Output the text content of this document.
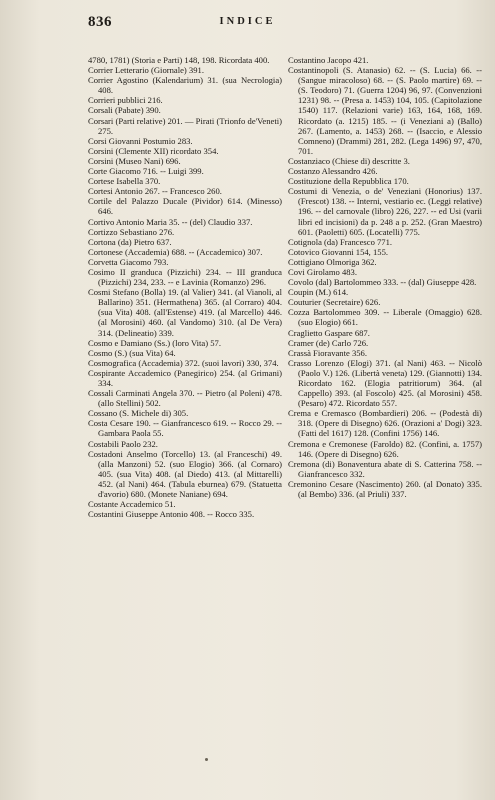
836	INDICE

4780, 1781) (Storia e Parti) 148, 198. Ricordata 400.

Corrier Letterario (Giornale) 391.

Corrier Agostino (Kalendarium) 31. (sua Necrologia) 408.

Corrieri pubblici 216.

Corsali (Pabate) 390.

Corsari (Parti relative) 201. — Pirati (Trionfo de'Veneti) 275.

Corsi Giovanni Postumio 283.

Corsini (Clemente XII) ricordato 354.

Corsini (Museo Nani) 696.

Corte Giacomo 716. -- Luigi 399.

Cortese Isabella 370.

Cortesi Antonio 267. -- Francesco 260.

Cortile del Palazzo Ducale (Pividor) 614. (Minesso) 646.

Cortivo Antonio Maria 35. -- (del) Claudio 337.

Cortizzo Sebastiano 276.

Cortona (da) Pietro 637.

Cortonese (Accademia) 688. -- (Accademico) 307.

Corvetta Giacomo 793.

Cosimo II granduca (Pizzichi) 234. -- III granduca (Pizzichi) 234, 233. -- e Lavinia (Romanzo) 296.

Cosmi Stefano (Bolla) 19. (al Valier) 341. (al Vianoli, al Ballarino) 351. (Hermathena) 365. (al Corraro) 404. (sua Vita) 408. (all'Estense) 419. (al Marcello) 446. (al Morosini) 460. (al Vandomo) 310. (al De Vera) 314. (Delineatio) 339.

Cosmo e Damiano (Ss.) (loro Vita) 57.

Cosmo (S.) (sua Vita) 64.

Cosmografica (Accademia) 372. (suoi lavori) 330, 374.

Cospirante Accademico (Panegirico) 254. (al Grimani) 334.

Cossali Carminati Angela 370. -- Pietro (al Poleni) 478. (allo Stellini) 502.

Cossano (S. Michele di) 305.

Costa Cesare 190. -- Gianfrancesco 619. -- Rocco 29. -- Gambara Paola 55.

Costabili Paolo 232.

Costadoni Anselmo (Torcello) 13. (al Franceschi) 49. (alla Manzoni) 52. (suo Elogio) 366. (al Cornaro) 405. (sua Vita) 408. (al Diedo) 413. (al Mittarelli) 452. (al Nani) 464. (Tabula eburnea) 679. (Statuetta d'avorio) 680. (Monete Naniane) 694.

Costante Accademico 51.

Costantini Giuseppe Antonio 408. -- Rocco 335.

Costantino Jacopo 421.

Costantinopoli (S. Atanasio) 62. -- (S. Lucia) 66. -- (Sangue miracoloso) 68. -- (S. Paolo martire) 69. -- (S. Teodoro) 71. (Guerra 1204) 96, 97. (Convenzioni 1231) 98. -- (Presa a. 1453) 104, 105. (Capitolazione 1540) 117. (Relazioni varie) 163, 164, 168, 169. Ricordato (a. 1215) 185. -- (i Veneziani a) (Ballo) 267. (Lamento, a. 1453) 268. -- (Isaccio, e Alessio Comneno) (Drammi) 281, 282. (Lega 1496) 97, 470, 701.

Costanziaco (Chiese di) descritte 3.

Costanzo Alessandro 426.

Costituzione della Repubblica 170.

Costumi di Venezia, o de' Veneziani (Honorius) 137. (Frescot) 138. -- Interni, vestiario ec. (Leggi relative) 196. -- del carnovale (libro) 226, 227. -- ed Usi (varii libri ed incisioni) da p. 248 a p. 252. (Gran Maestro) 601. (Paoletti) 605. (Locatelli) 775.

Cotignola (da) Francesco 771.

Cotovico Giovanni 154, 155.

Cottigiano Olmoriga 362.

Covi Girolamo 483.

Covolo (dal) Bartolommeo 333. -- (dal) Giuseppe 428.

Coupin (M.) 614.

Couturier (Secretaire) 626.

Cozza Bartolommeo 309. -- Liberale (Omaggio) 628. (suo Elogio) 661.

Craglietto Gaspare 687.

Cramer (de) Carlo 726.

Crassà Fioravante 356.

Crasso Lorenzo (Elogi) 371. (al Nani) 463. -- Nicolò (Paolo V.) 126. (Libertà veneta) 129. (Giannotti) 134. Ricordato 162. (Elogia patritiorum) 364. (al Cappello) 393. (al Foscolo) 425. (al Morosini) 458. (Pesaro) 472. Ricordato 557.

Crema e Cremasco (Bombardieri) 206. -- (Podestà di) 318. (Opere di Disegno) 626. (Orazioni a' Dogi) 323. (Fatti del 1617) 128. (Confini 1756) 146.

Cremona e Cremonese (Faroldo) 82. (Confini, a. 1757) 146. (Opere di Disegno) 626.

Cremona (di) Bonaventura abate di S. Catterina 758. -- Gianfrancesco 332.

Cremonino Cesare (Nascimento) 260. (al Donato) 335. (al Bembo) 336. (al Priuli) 337.
